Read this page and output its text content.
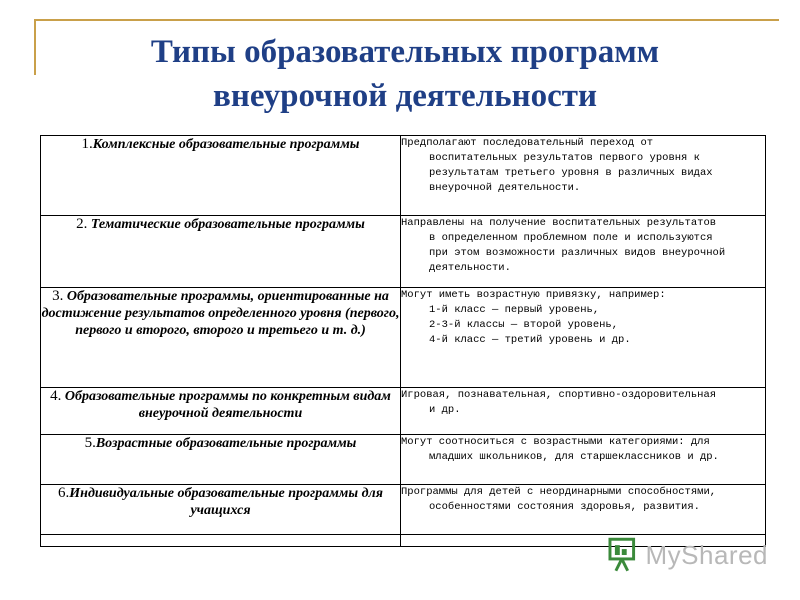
Типы образовательных программ
внеурочной деятельности
1.Комплексные образовательные программы	Предполагают последовательный переход от
воспитательных результатов первого уровня к
результатам третьего уровня в различных видах
внеурочной деятельности.

2. Тематические образовательные программы	Направлены на получение воспитательных результатов
в определенном проблемном поле и используются
при этом возможности различных видов внеурочной
деятельности.

3. Образовательные программы, ориентированные на достижение результатов определенного уровня (первого, первого и второго, второго и третьего и т. д.)	Могут иметь возрастную привязку, например:
1-й класс — первый уровень,
2-3-й классы — второй уровень,
4-й класс — третий уровень и др.

4. Образовательные программы по конкретным видам внеурочной деятельности	Игровая, познавательная, спортивно-оздоровительная
и др.

5.Возрастные образовательные программы	Могут соотноситься с возрастными категориями: для
младших школьников, для старшеклассников и др.

6.Индивидуальные образовательные программы для учащихся	Программы для детей с неординарными способностями,
особенностями состояния здоровья, развития.

MyShared
